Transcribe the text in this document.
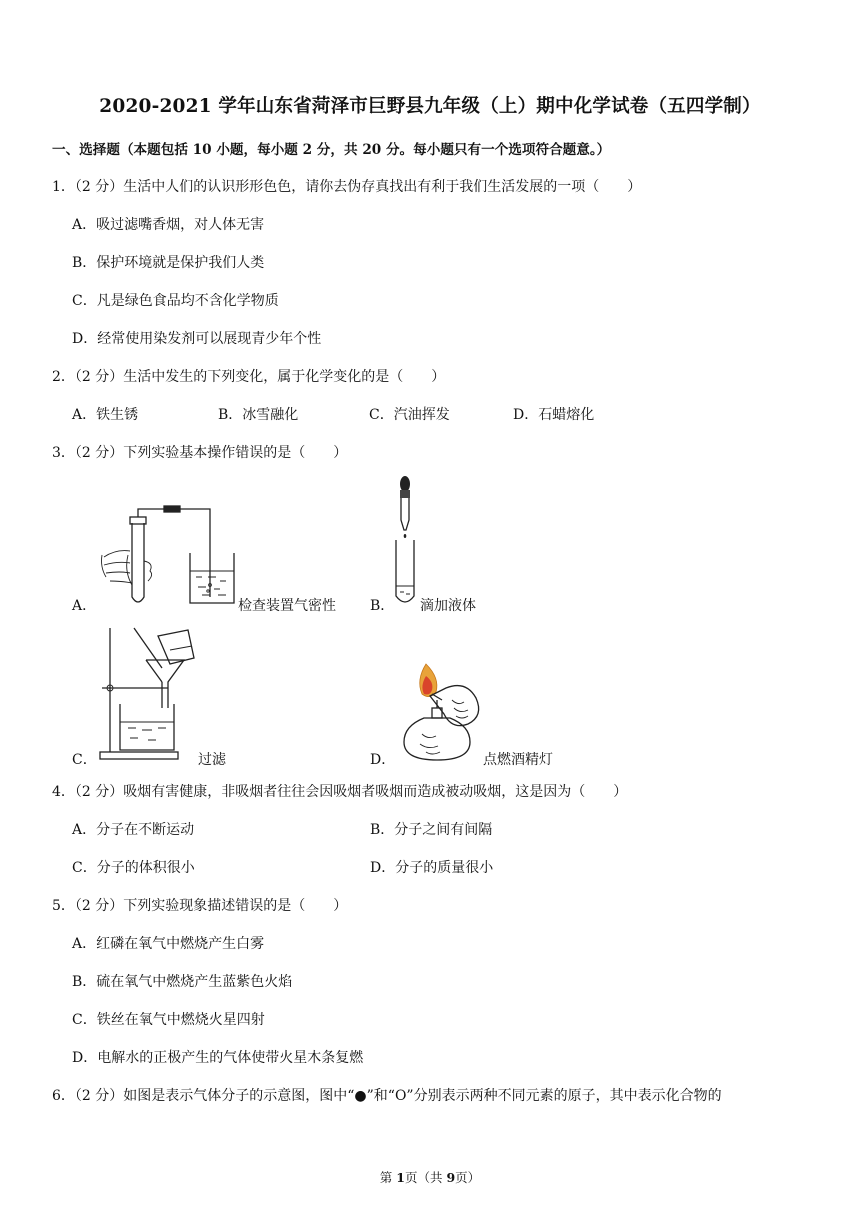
2020-2021 学年山东省菏泽市巨野县九年级（上）期中化学试卷（五四学制）
一、选择题（本题包括 10 小题，每小题 2 分，共 20 分。每小题只有一个选项符合题意。）
1．（2 分）生活中人们的认识形形色色，请你去伪存真找出有利于我们生活发展的一项（　　）
A．吸过滤嘴香烟，对人体无害
B．保护环境就是保护我们人类
C．凡是绿色食品均不含化学物质
D．经常使用染发剂可以展现青少年个性
2．（2 分）生活中发生的下列变化，属于化学变化的是（　　）
A．铁生锈	B．冰雪融化	C．汽油挥发	D．石蜡熔化
3．（2 分）下列实验基本操作错误的是（　　）
A．	检查装置气密性 B． 滴加液体
C．	过滤	D．	点燃酒精灯
4．（2 分）吸烟有害健康，非吸烟者往往会因吸烟者吸烟而造成被动吸烟，这是因为（　　）
A．分子在不断运动	B．分子之间有间隔
C．分子的体积很小	D．分子的质量很小
5．（2 分）下列实验现象描述错误的是（　　）
A．红磷在氧气中燃烧产生白雾
B．硫在氧气中燃烧产生蓝紫色火焰
C．铁丝在氧气中燃烧火星四射
D．电解水的正极产生的气体使带火星木条复燃
6．（2 分）如图是表示气体分子的示意图，图中“●”和“O”分别表示两种不同元素的原子，其中表示化合物的
第 1页（共 9页）
